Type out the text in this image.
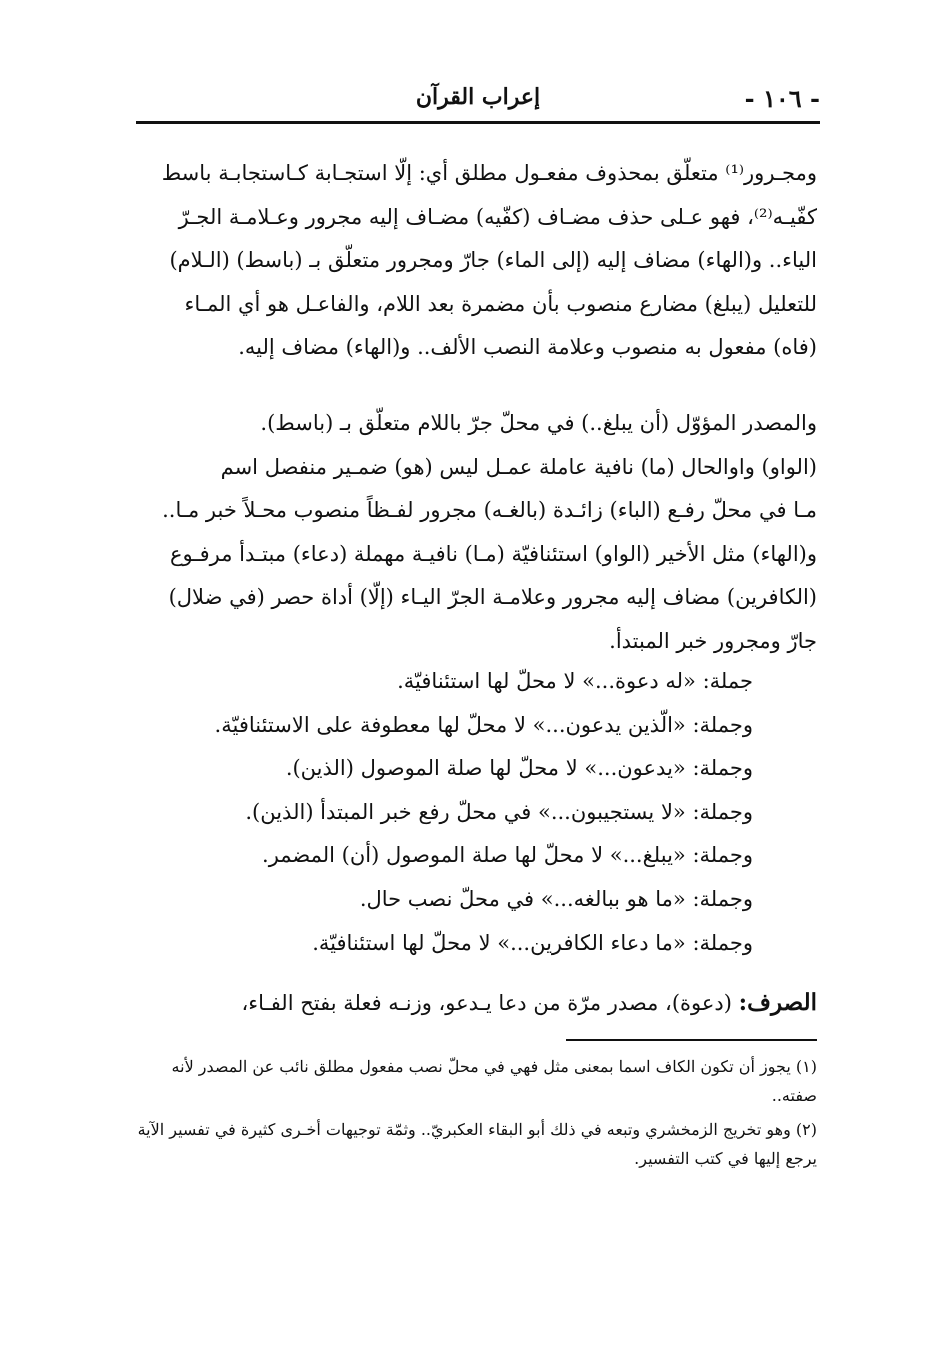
- ١٠٦ -
إعراب القرآن
ومجـرور⁽¹⁾ متعلّق بمحذوف مفعـول مطلق أي: إلّا استجـابة كـاستجابـة باسط
كفّيـه⁽²⁾، فهو عـلى حذف مضـاف (كفّيه) مضـاف إليه مجرور وعـلامـة الجـرّ
الياء.. و(الهاء) مضاف إليه (إلى الماء) جارّ ومجرور متعلّق بـ (باسط) (الـلام)
للتعليل (يبلغ) مضارع منصوب بأن مضمرة بعد اللام، والفاعـل هو أي المـاء
(فاه) مفعول به منصوب وعلامة النصب الألف.. و(الهاء) مضاف إليه.
والمصدر المؤوّل (أن يبلغ..) في محلّ جرّ باللام متعلّق بـ (باسط).
(الواو) واوالحال (ما) نافية عاملة عمـل ليس (هو) ضمـير منفصل اسم
مـا في محلّ رفـع (الباء) زائـدة (بالغـه) مجرور لفـظاً منصوب محـلاً خبر مـا..
و(الهاء) مثل الأخير (الواو) استئنافيّة (مـا) نافيـة مهملة (دعاء) مبتـدأ مرفـوع
(الكافرين) مضاف إليه مجرور وعلامـة الجرّ اليـاء (إلّا) أداة حصر (في ضلال)
جارّ ومجرور خبر المبتدأ.
جملة: «له دعوة...» لا محلّ لها استئنافيّة.
وجملة: «الّذين يدعون...» لا محلّ لها معطوفة على الاستئنافيّة.
وجملة: «يدعون...» لا محلّ لها صلة الموصول (الذين).
وجملة: «لا يستجيبون...» في محلّ رفع خبر المبتدأ (الذين).
وجملة: «يبلغ...» لا محلّ لها صلة الموصول (أن) المضمر.
وجملة: «ما هو ببالغه...» في محلّ نصب حال.
وجملة: «ما دعاء الكافرين...» لا محلّ لها استئنافيّة.
الصرف: (دعوة)، مصدر مرّة من دعا يـدعو، وزنـه فعلة بفتح الفـاء،

(١) يجوز أن تكون الكاف اسما بمعنى مثل فهي في محلّ نصب مفعول مطلق نائب عن المصدر لأنه صفته..

(٢) وهو تخريج الزمخشري وتبعه في ذلك أبو البقاء العكبريّ.. وثمّة توجيهات أخـرى كثيرة في تفسير الآية يرجع إليها في كتب التفسير.
